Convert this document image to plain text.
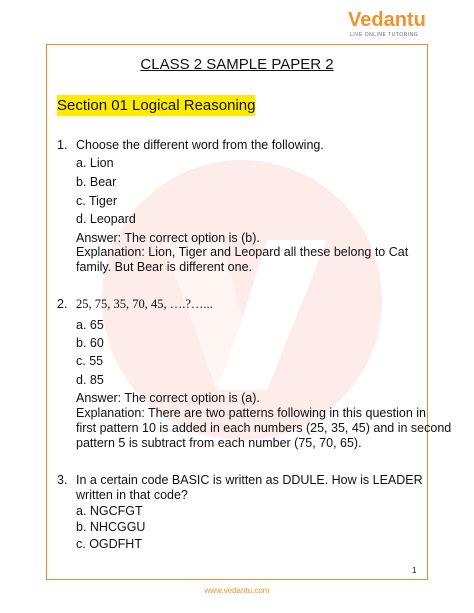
Vedantu
LIVE ONLINE TUTORING
CLASS 2 SAMPLE PAPER 2
Section 01 Logical Reasoning
1. Choose the different word from the following.
a. Lion
b. Bear
c. Tiger
d. Leopard
Answer: The correct option is (b).
Explanation: Lion, Tiger and Leopard all these belong to Cat
family. But Bear is different one.
2. 25, 75, 35, 70, 45, ….?…...
a. 65
b. 60
c. 55
d. 85
Answer: The correct option is (a).
Explanation: There are two patterns following in this question in
first pattern 10 is added in each numbers (25, 35, 45) and in second
pattern 5 is subtract from each number (75, 70, 65).
3. In a certain code BASIC is written as DDULE. How is LEADER
written in that code?
a. NGCFGT
b. NHCGGU
c. OGDFHT
1
www.vedantu.com
